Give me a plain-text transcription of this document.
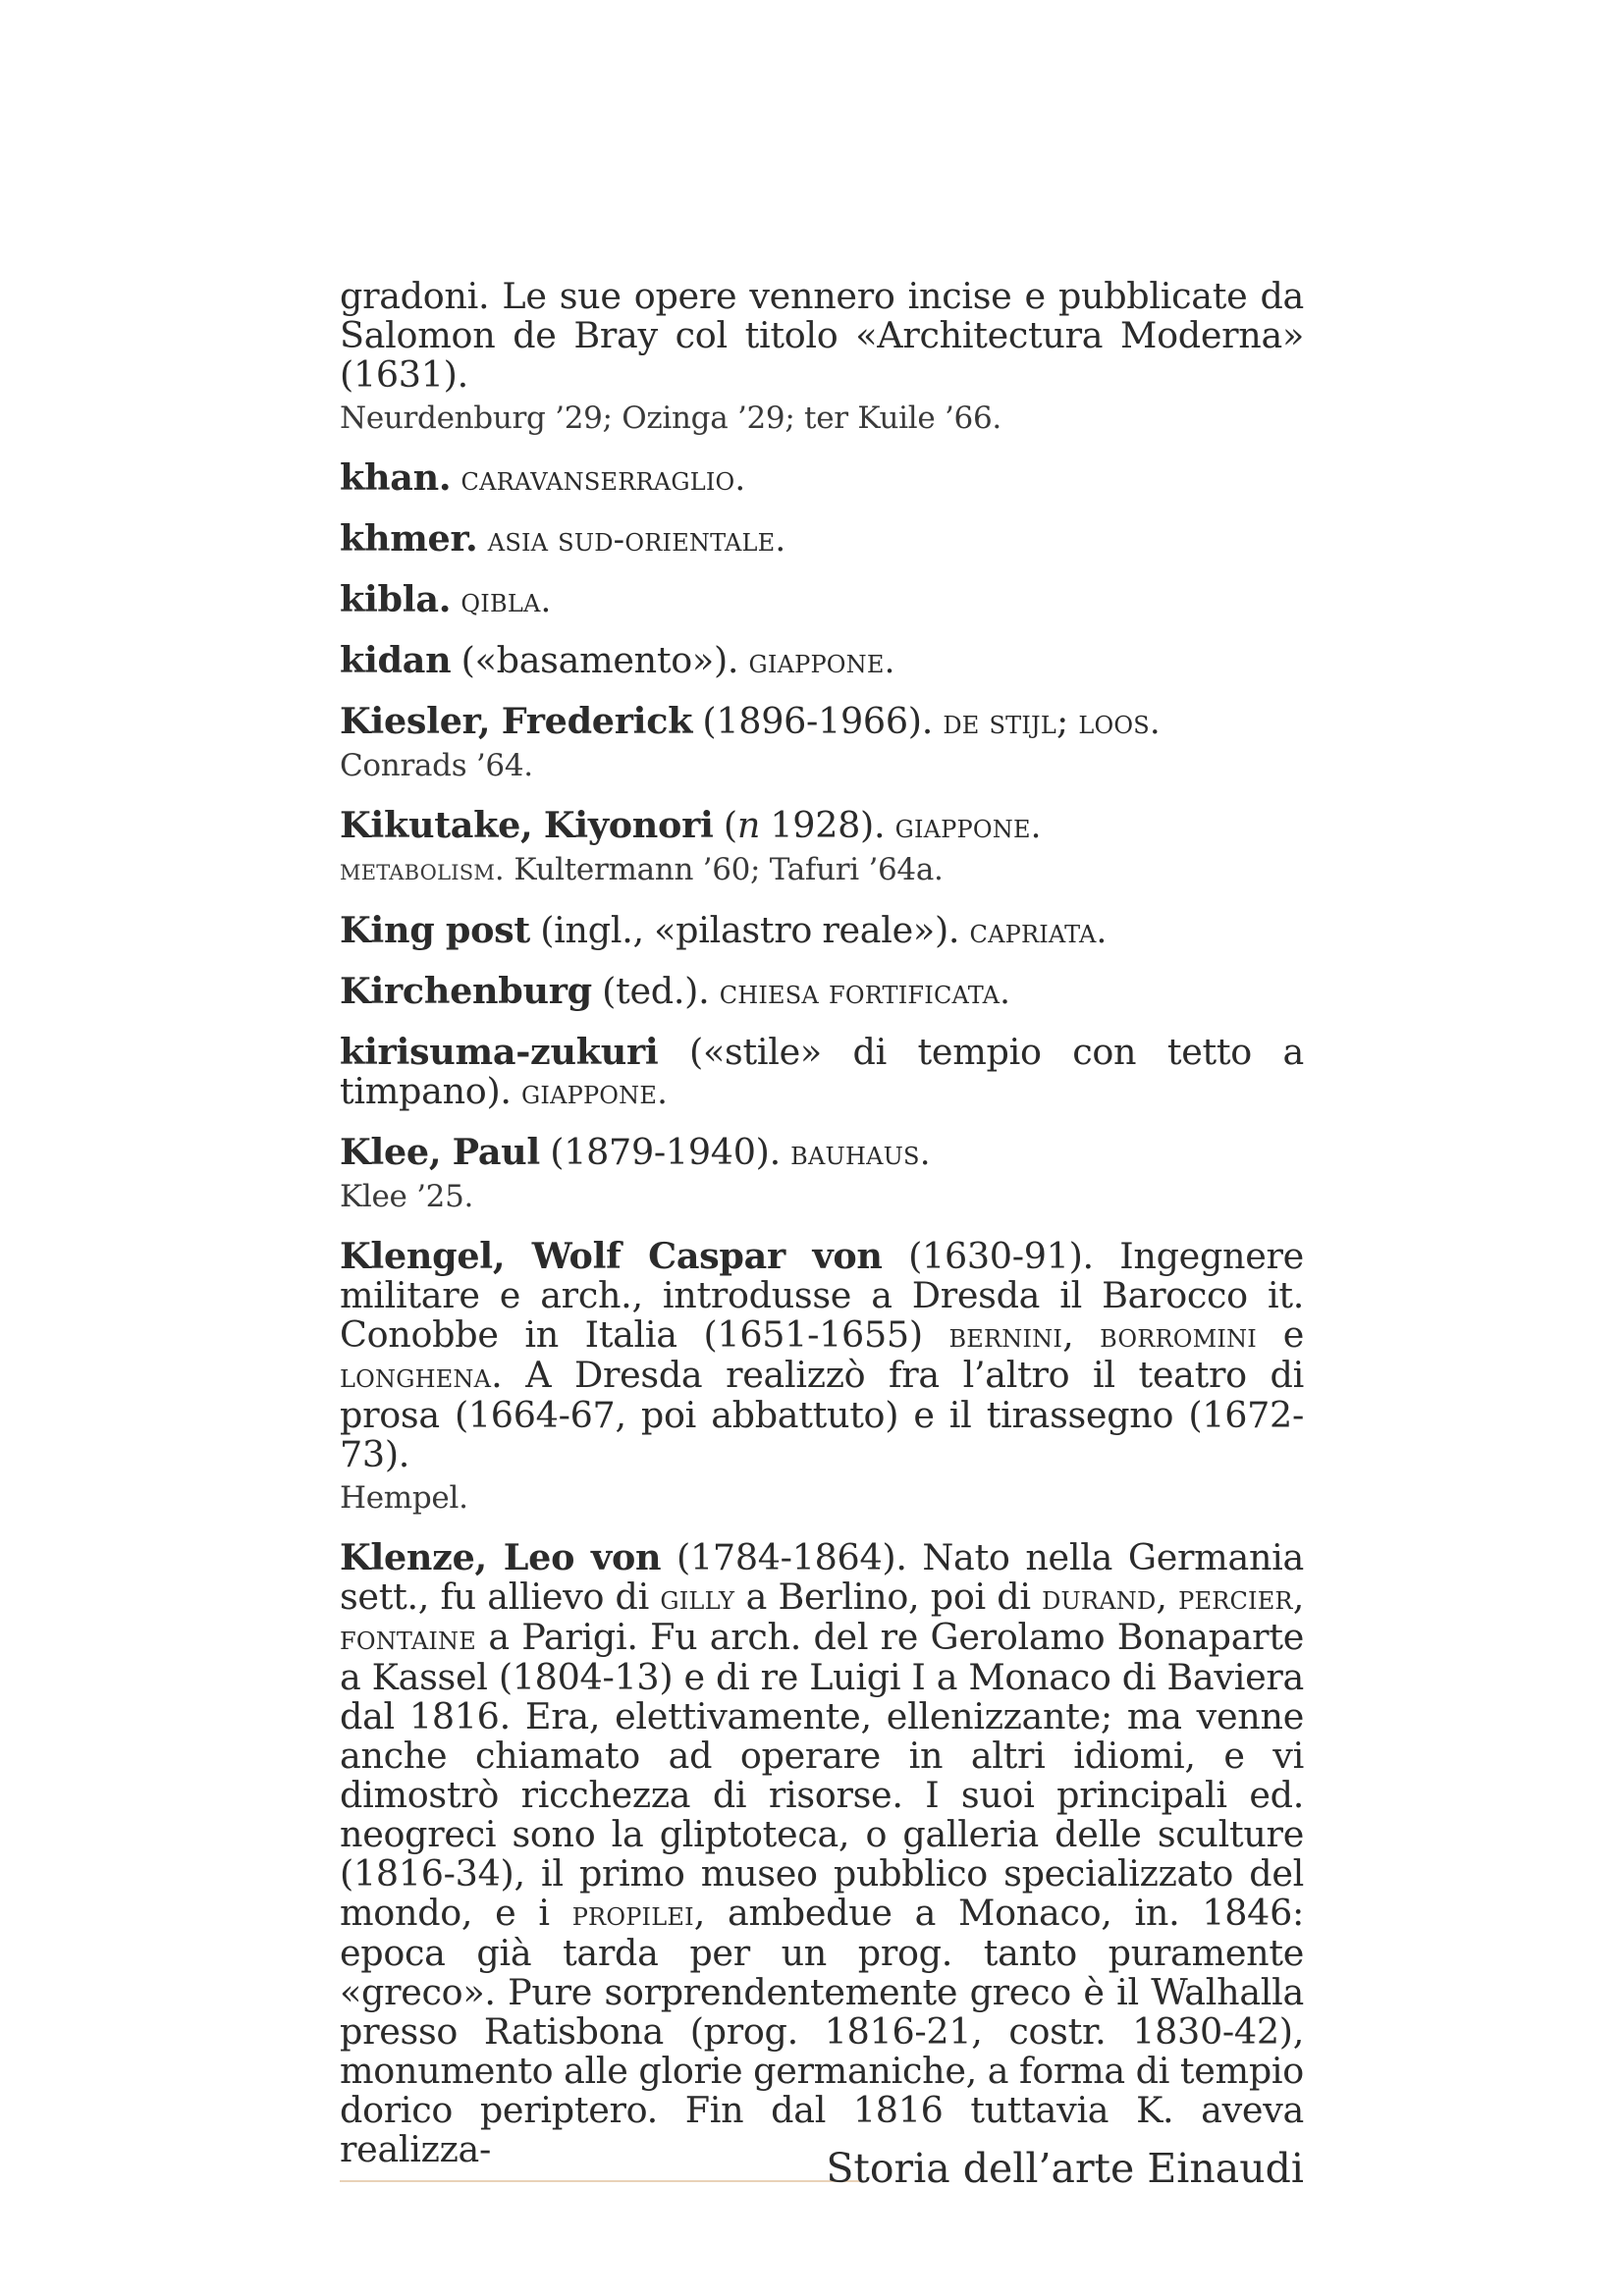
gradoni. Le sue opere vennero incise e pubblicate da Salomon de Bray col titolo «Architectura Moderna» (1631).

Neurdenburg ’29; Ozinga ’29; ter Kuile ’66.

khan. caravanserraglio.

khmer. asia sud-orientale.

kibla. qibla.

kidan («basamento»). giappone.

Kiesler, Frederick (1896-1966). de stijl; loos.

Conrads ’64.

Kikutake, Kiyonori (n 1928). giappone.

metabolism. Kultermann ’60; Tafuri ’64a.

King post (ingl., «pilastro reale»). capriata.

Kirchenburg (ted.). chiesa fortificata.

kirisuma-zukuri («stile» di tempio con tetto a timpano). giappone.

Klee, Paul (1879-1940). bauhaus.

Klee ’25.

Klengel, Wolf Caspar von (1630-91). Ingegnere militare e arch., introdusse a Dresda il Barocco it. Conobbe in Italia (1651-1655) bernini, borromini e longhena. A Dresda realizzò fra l’altro il teatro di prosa (1664-67, poi abbattuto) e il tirassegno (1672-73).

Hempel.

Klenze, Leo von (1784-1864). Nato nella Germania sett., fu allievo di gilly a Berlino, poi di durand, percier, fontaine a Parigi. Fu arch. del re Gerolamo Bonaparte a Kassel (1804-13) e di re Luigi I a Monaco di Baviera dal 1816. Era, elettivamente, ellenizzante; ma venne anche chiamato ad operare in altri idiomi, e vi dimostrò ricchezza di risorse. I suoi principali ed. neogreci sono la gliptoteca, o galleria delle sculture (1816-34), il primo museo pubblico specializzato del mondo, e i propilei, ambedue a Monaco, in. 1846: epoca già tarda per un prog. tanto puramente «greco». Pure sorprendentemente greco è il Walhalla presso Ratisbona (prog. 1816-21, costr. 1830-42), monumento alle glorie germaniche, a forma di tempio dorico periptero. Fin dal 1816 tuttavia K. aveva realizza-	Storia dell’arte Einaudi
